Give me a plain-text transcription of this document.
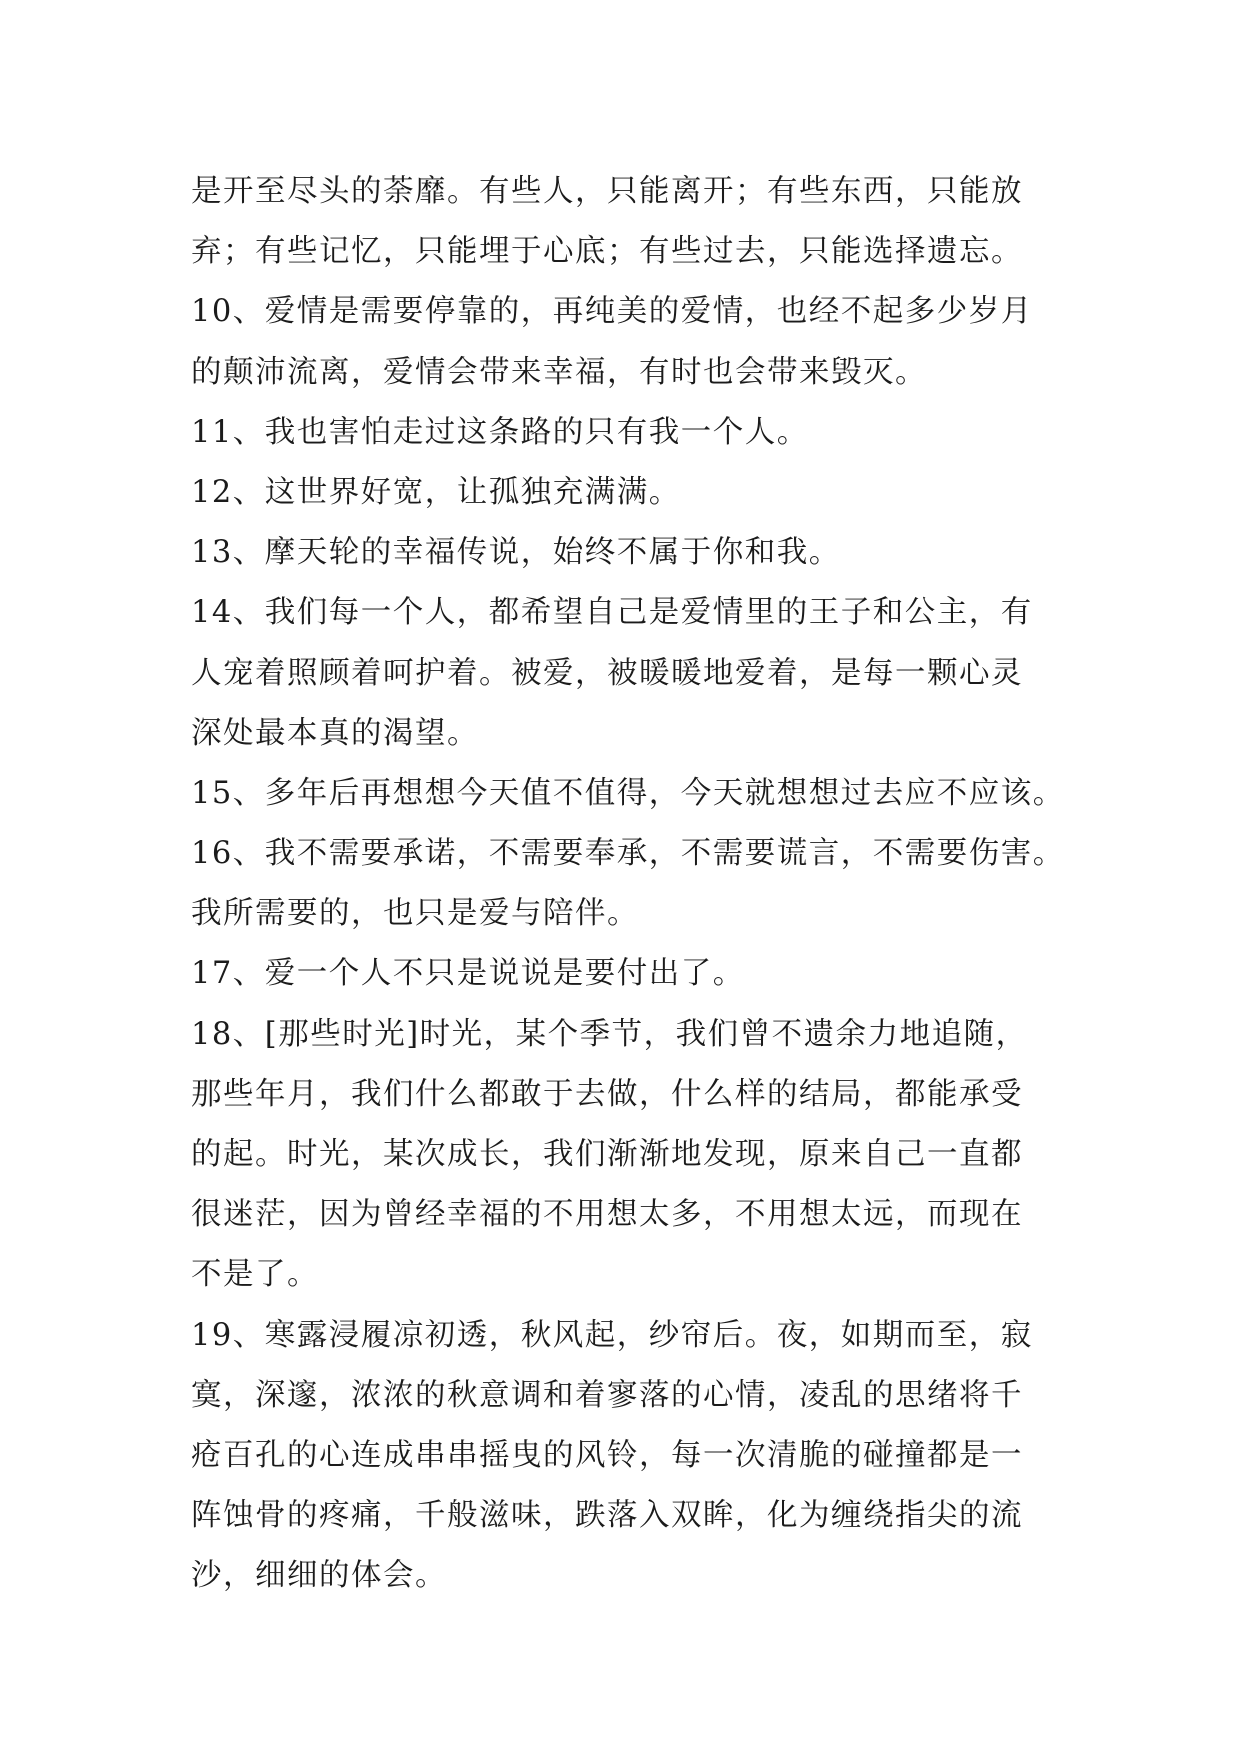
是开至尽头的荼靡。有些人，只能离开；有些东西，只能放
弃；有些记忆，只能埋于心底；有些过去，只能选择遗忘。
10、爱情是需要停靠的，再纯美的爱情，也经不起多少岁月
的颠沛流离，爱情会带来幸福，有时也会带来毁灭。
11、我也害怕走过这条路的只有我一个人。
12、这世界好宽，让孤独充满满。
13、摩天轮的幸福传说，始终不属于你和我。
14、我们每一个人，都希望自己是爱情里的王子和公主，有
人宠着照顾着呵护着。被爱，被暖暖地爱着，是每一颗心灵
深处最本真的渴望。
15、多年后再想想今天值不值得，今天就想想过去应不应该。
16、我不需要承诺，不需要奉承，不需要谎言，不需要伤害。
我所需要的，也只是爱与陪伴。
17、爱一个人不只是说说是要付出了。
18、[那些时光]时光，某个季节，我们曾不遗余力地追随，
那些年月，我们什么都敢于去做，什么样的结局，都能承受
的起。时光，某次成长，我们渐渐地发现，原来自己一直都
很迷茫，因为曾经幸福的不用想太多，不用想太远，而现在
不是了。
19、寒露浸履凉初透，秋风起，纱帘后。夜，如期而至，寂
寞，深邃，浓浓的秋意调和着寥落的心情，凌乱的思绪将千
疮百孔的心连成串串摇曳的风铃，每一次清脆的碰撞都是一
阵蚀骨的疼痛，千般滋味，跌落入双眸，化为缠绕指尖的流
沙，细细的体会。
